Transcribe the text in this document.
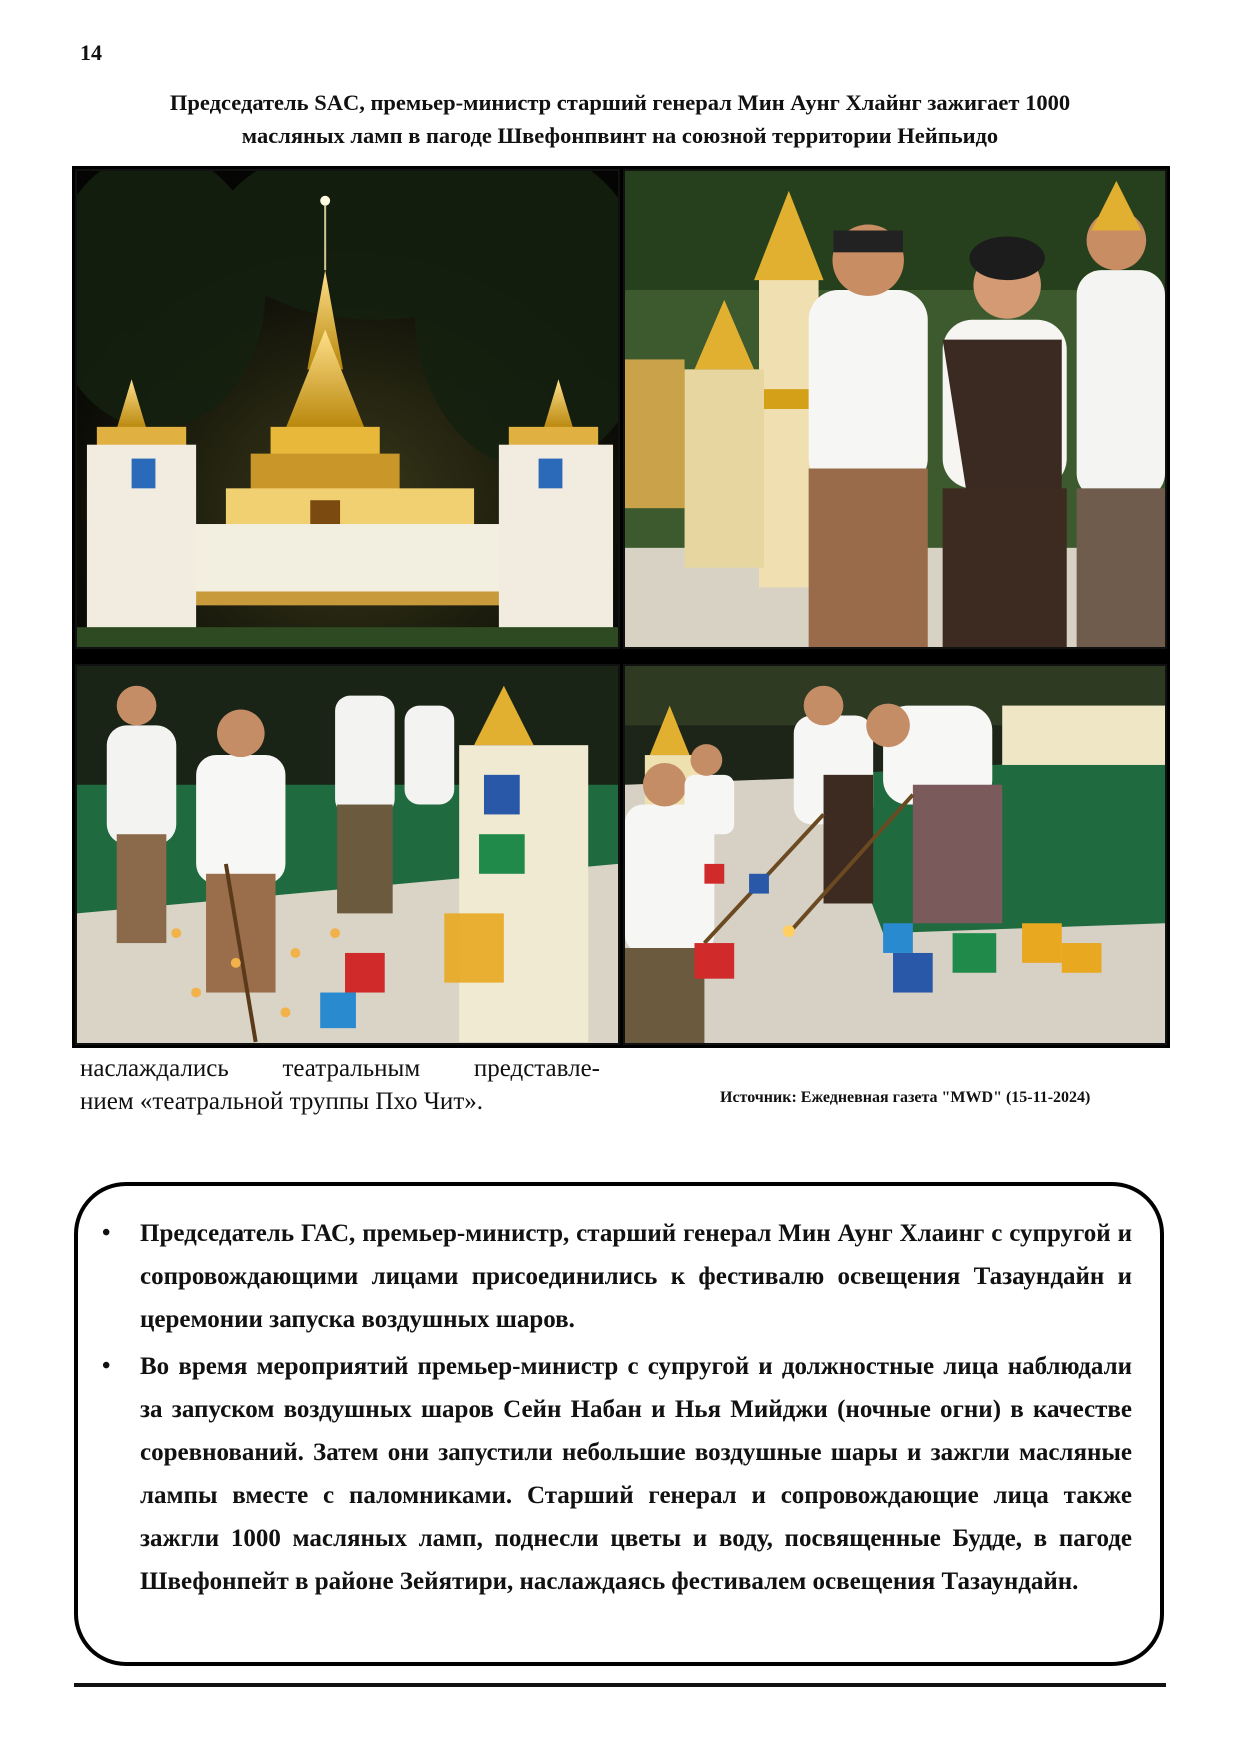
14
Председатель SAC, премьер-министр старший генерал Мин Аунг Хлайнг зажигает 1000
масляных ламп в пагоде Швефонпвинт на союзной территории Нейпьидо
наслаждались театральным представле-
нием «театральной труппы Пхо Чит».	Источник: Ежедневная газета "MWD" (15-11-2024)
• Председатель ГАС, премьер-министр, старший генерал Мин Аунг Хлаинг с супругой и сопровождающими лицами присоединились к фестивалю освещения Тазаундайн и церемонии запуска воздушных шаров.
• Во время мероприятий премьер-министр с супругой и должностные лица наблюдали за запуском воздушных шаров Сейн Набан и Нья Мийджи (ночные огни) в качестве соревнований. Затем они запустили небольшие воздушные шары и зажгли масляные лампы вместе с паломниками. Старший генерал и сопровождающие лица также зажгли 1000 масляных ламп, поднесли цветы и воду, посвященные Будде, в пагоде Швефонпейт в районе Зейятири, наслаждаясь фестивалем освещения Тазаундайн.
